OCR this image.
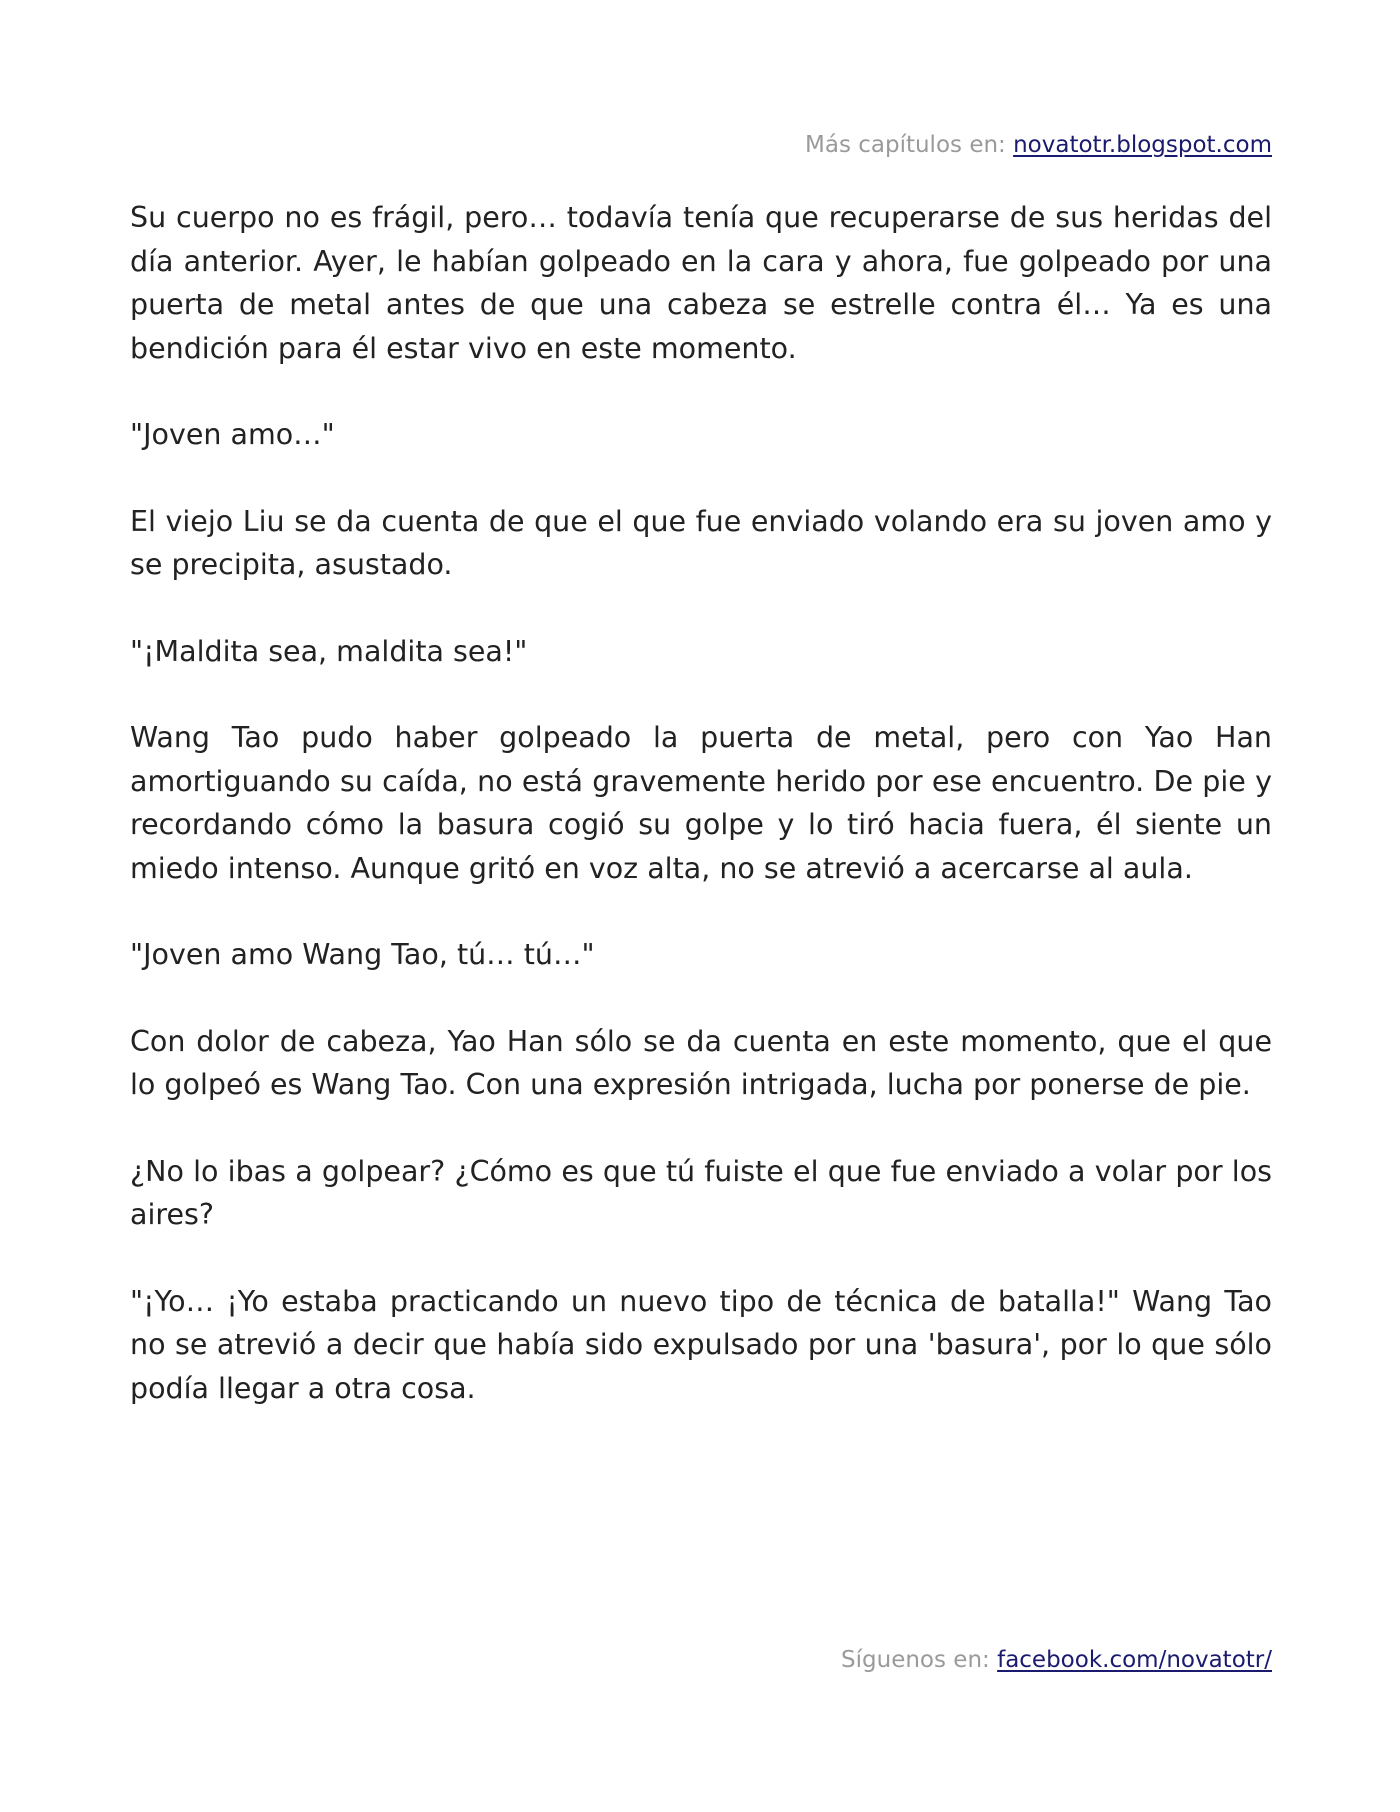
Más capítulos en: novatotr.blogspot.com

Su cuerpo no es frágil, pero… todavía tenía que recuperarse de sus heridas del día anterior. Ayer, le habían golpeado en la cara y ahora, fue golpeado por una puerta de metal antes de que una cabeza se estrelle contra él… Ya es una bendición para él estar vivo en este momento.

"Joven amo…"

El viejo Liu se da cuenta de que el que fue enviado volando era su joven amo y se precipita, asustado.

"¡Maldita sea, maldita sea!"

Wang Tao pudo haber golpeado la puerta de metal, pero con Yao Han amortiguando su caída, no está gravemente herido por ese encuentro. De pie y recordando cómo la basura cogió su golpe y lo tiró hacia fuera, él siente un miedo intenso. Aunque gritó en voz alta, no se atrevió a acercarse al aula.

"Joven amo Wang Tao, tú… tú…"

Con dolor de cabeza, Yao Han sólo se da cuenta en este momento, que el que lo golpeó es Wang Tao. Con una expresión intrigada, lucha por ponerse de pie.

¿No lo ibas a golpear? ¿Cómo es que tú fuiste el que fue enviado a volar por los aires?

"¡Yo… ¡Yo estaba practicando un nuevo tipo de técnica de batalla!" Wang Tao no se atrevió a decir que había sido expulsado por una 'basura', por lo que sólo podía llegar a otra cosa.

Síguenos en: facebook.com/novatotr/
